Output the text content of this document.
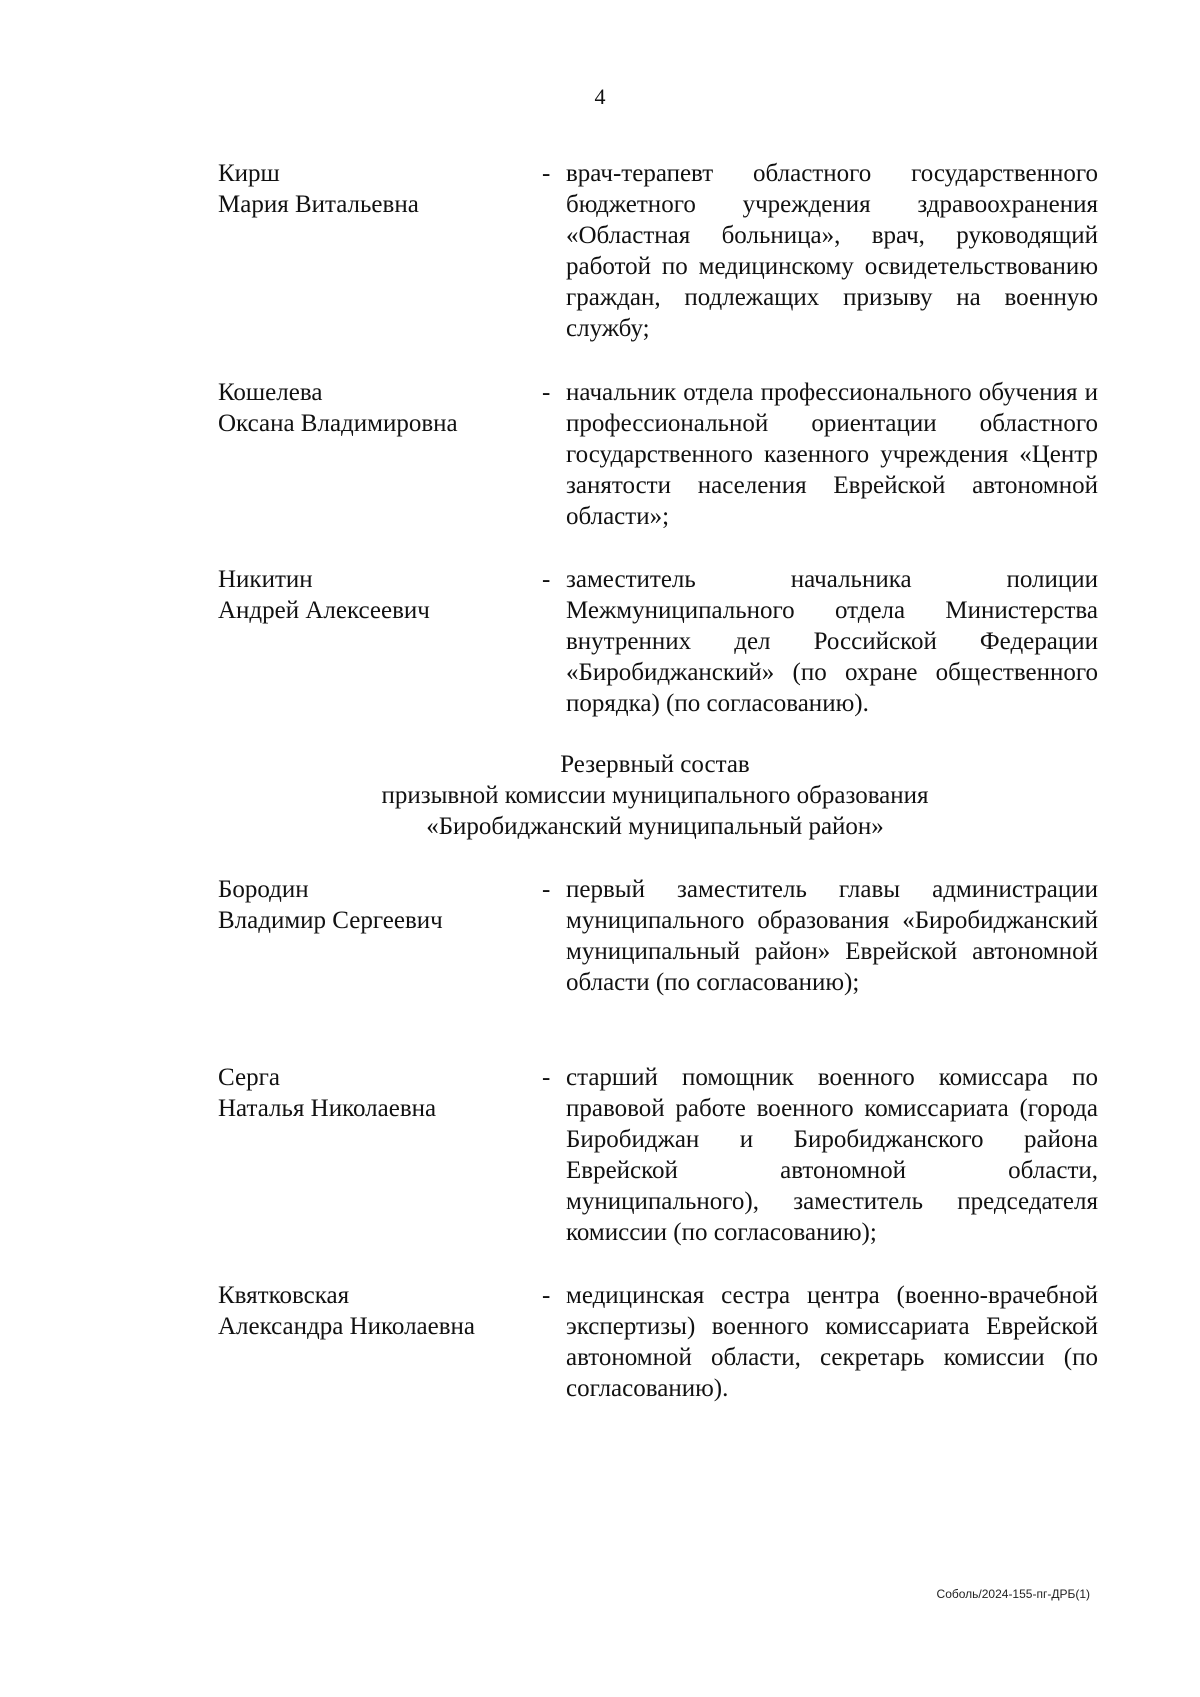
4
Кирш
Мария Витальевна
- врач-терапевт областного государственного бюджетного учреждения здравоохранения «Областная больница», врач, руководящий работой по медицинскому освидетельствованию граждан, подлежащих призыву на военную службу;
Кошелева
Оксана Владимировна
- начальник отдела профессионального обучения и профессиональной ориентации областного государственного казенного учреждения «Центр занятости населения Еврейской автономной области»;
Никитин
Андрей Алексеевич
- заместитель начальника полиции Межмуниципального отдела Министерства внутренних дел Российской Федерации «Биробиджанский» (по охране общественного порядка) (по согласованию).
Резервный состав
призывной комиссии муниципального образования
«Биробиджанский муниципальный район»
Бородин
Владимир Сергеевич
- первый заместитель главы администрации муниципального образования «Биробиджанский муниципальный район» Еврейской автономной области (по согласованию);
Серга
Наталья Николаевна
- старший помощник военного комиссара по правовой работе военного комиссариата (города Биробиджан и Биробиджанского района Еврейской автономной области, муниципального), заместитель председателя комиссии (по согласованию);
Квятковская
Александра Николаевна
- медицинская сестра центра (военно-врачебной экспертизы) военного комиссариата Еврейской автономной области, секретарь комиссии (по согласованию).
Соболь/2024-155-пг-ДРБ(1)
